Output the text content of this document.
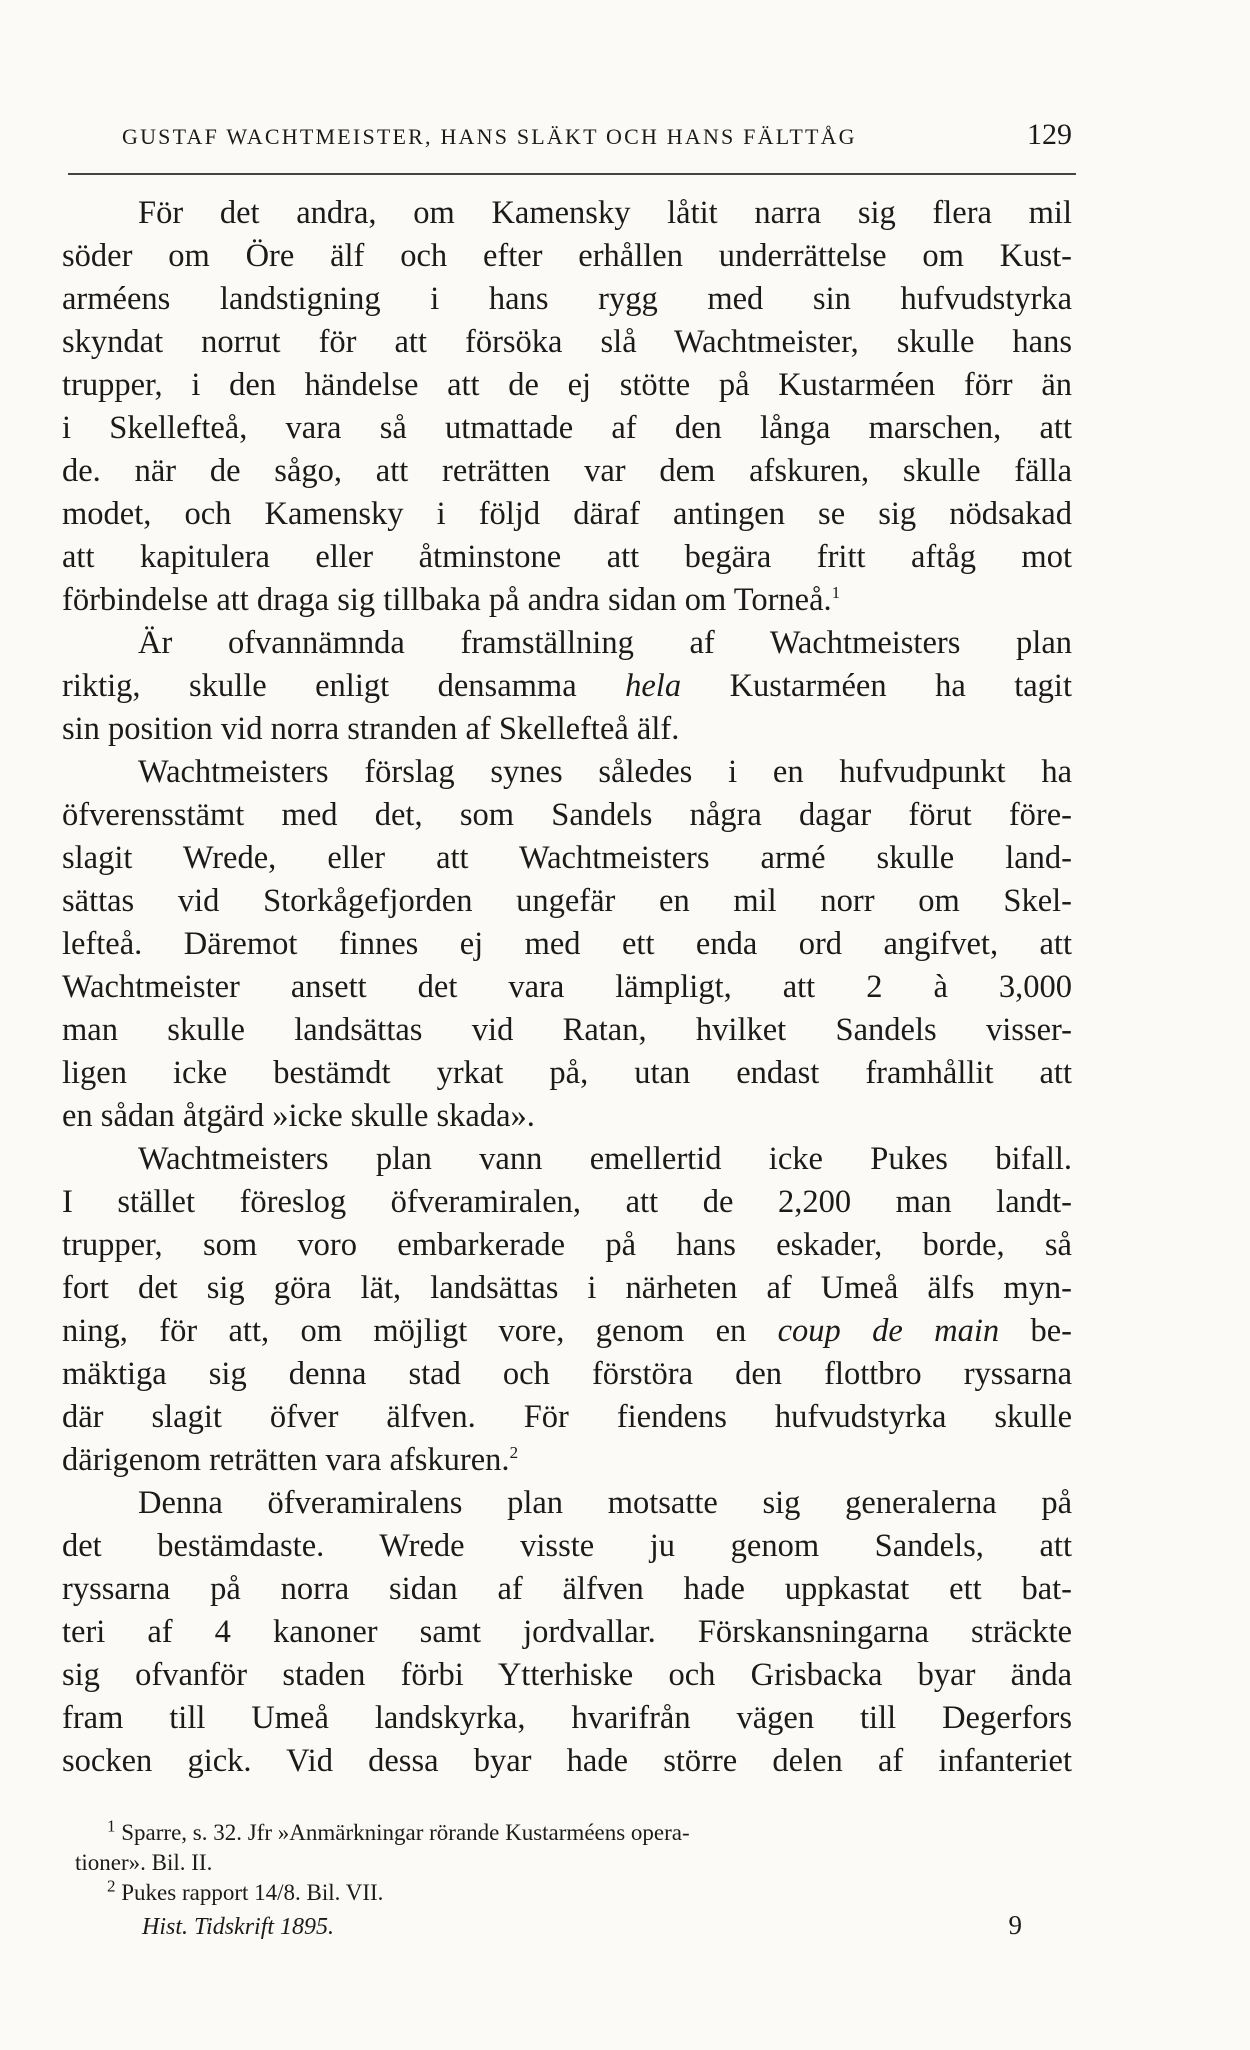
GUSTAF WACHTMEISTER, HANS SLÄKT OCH HANS FÄLTTÅG	129
För det andra, om Kamensky låtit narra sig flera mil
söder om Öre älf och efter erhållen underrättelse om Kust-
arméens landstigning i hans rygg med sin hufvudstyrka
skyndat norrut för att försöka slå Wachtmeister, skulle hans
trupper, i den händelse att de ej stötte på Kustarméen förr än
i Skellefteå, vara så utmattade af den långa marschen, att
de. när de sågo, att reträtten var dem afskuren, skulle fälla
modet, och Kamensky i följd däraf antingen se sig nödsakad
att kapitulera eller åtminstone att begära fritt aftåg mot
förbindelse att draga sig tillbaka på andra sidan om Torneå.$^1$
Är ofvannämnda framställning af Wachtmeisters plan
riktig, skulle enligt densamma hela Kustarméen ha tagit
sin position vid norra stranden af Skellefteå älf.
Wachtmeisters förslag synes således i en hufvudpunkt ha
öfverensstämt med det, som Sandels några dagar förut före-
slagit Wrede, eller att Wachtmeisters armé skulle land-
sättas vid Storkågefjorden ungefär en mil norr om Skel-
lefteå. Däremot finnes ej med ett enda ord angifvet, att
Wachtmeister ansett det vara lämpligt, att 2 à 3,000
man skulle landsättas vid Ratan, hvilket Sandels visser-
ligen icke bestämdt yrkat på, utan endast framhållit att
en sådan åtgärd »icke skulle skada».
Wachtmeisters plan vann emellertid icke Pukes bifall.
I stället föreslog öfveramiralen, att de 2,200 man landt-
trupper, som voro embarkerade på hans eskader, borde, så
fort det sig göra lät, landsättas i närheten af Umeå älfs myn-
ning, för att, om möjligt vore, genom en coup de main be-
mäktiga sig denna stad och förstöra den flottbro ryssarna
där slagit öfver älfven. För fiendens hufvudstyrka skulle
därigenom reträtten vara afskuren.$^2$
Denna öfveramiralens plan motsatte sig generalerna på
det bestämdaste. Wrede visste ju genom Sandels, att
ryssarna på norra sidan af älfven hade uppkastat ett bat-
teri af 4 kanoner samt jordvallar. Förskansningarna sträckte
sig ofvanför staden förbi Ytterhiske och Grisbacka byar ända
fram till Umeå landskyrka, hvarifrån vägen till Degerfors
socken gick. Vid dessa byar hade större delen af infanteriet
$^1$ Sparre, s. 32. Jfr »Anmärkningar rörande Kustarméens opera-
tioner». Bil. II.
$^2$ Pukes rapport 14/8. Bil. VII.
Hist. Tidskrift 1895.	9
